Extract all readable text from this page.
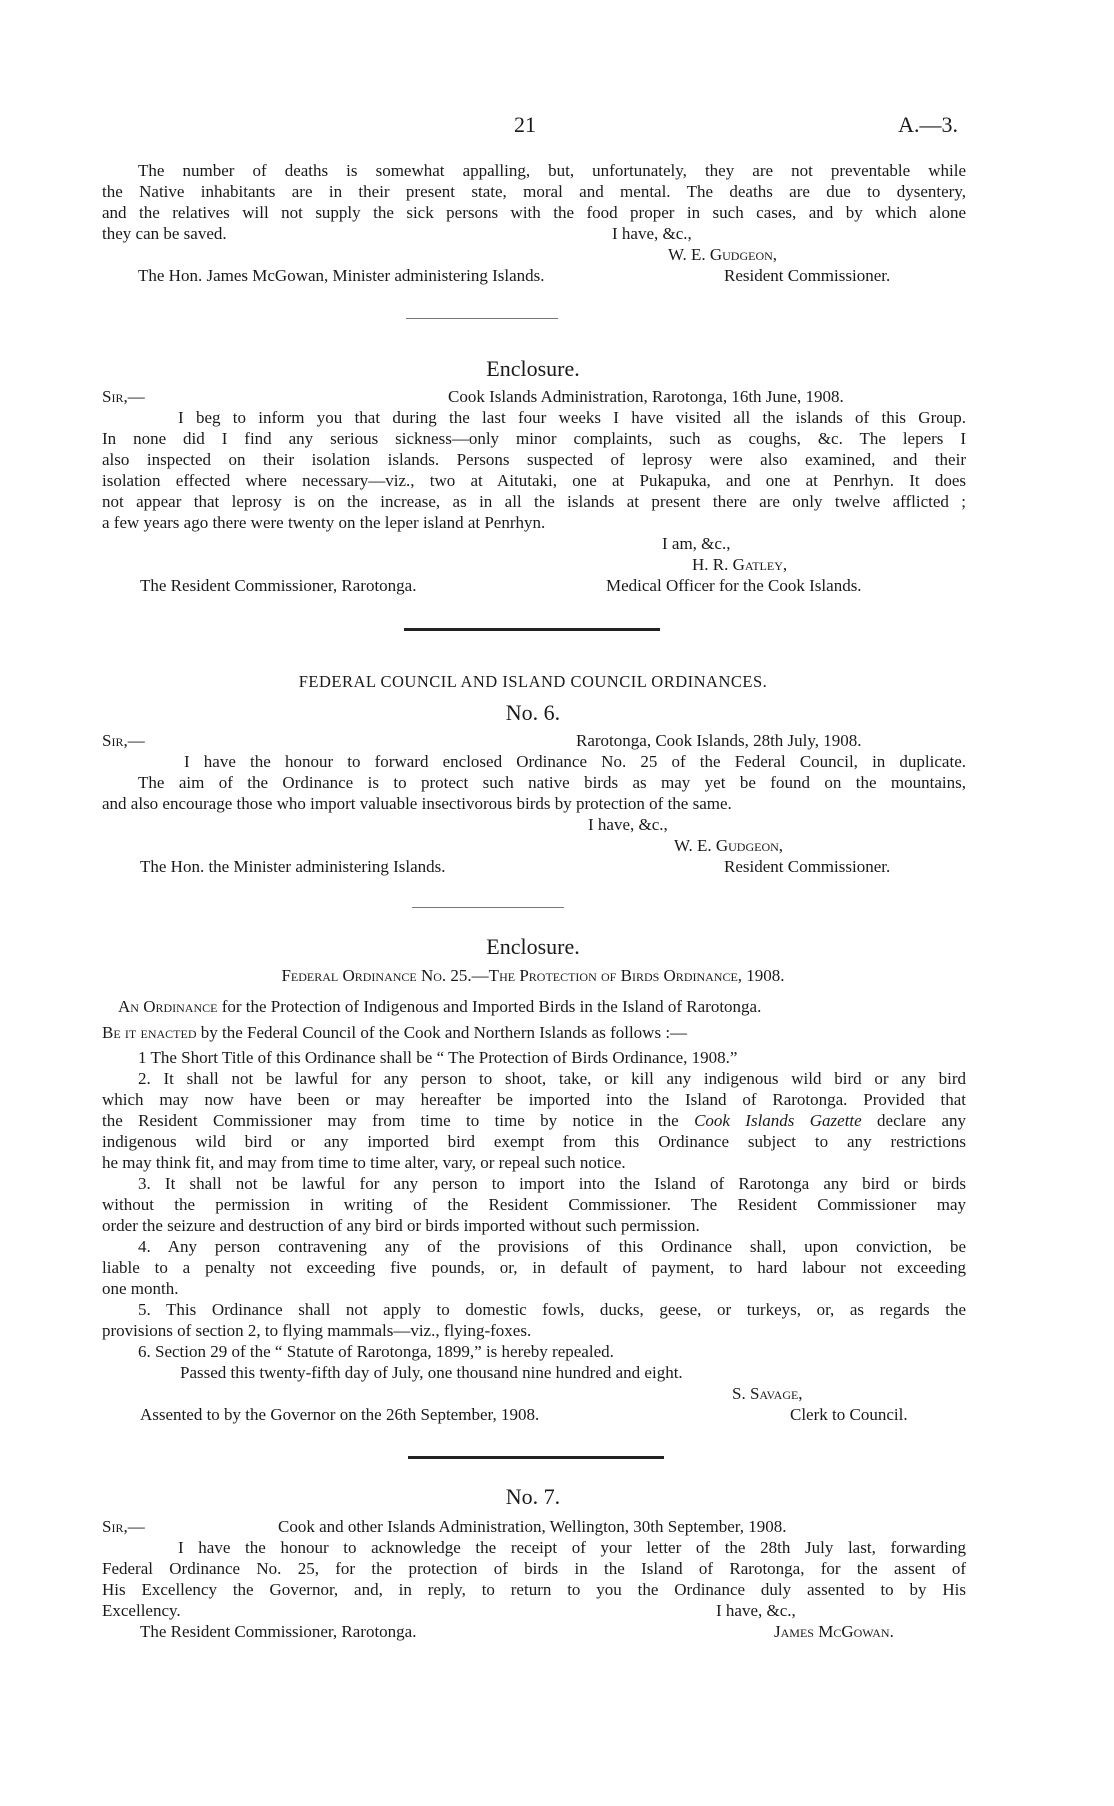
21	A.—3.
The number of deaths is somewhat appalling, but, unfortunately, they are not preventable while
the Native inhabitants are in their present state, moral and mental. The deaths are due to dysentery,
and the relatives will not supply the sick persons with the food proper in such cases, and by which alone
they can be saved.	I have, &c.,
W. E. Gudgeon,
The Hon. James McGowan, Minister administering Islands.	Resident Commissioner.
Enclosure.
Sir,—	Cook Islands Administration, Rarotonga, 16th June, 1908.
I beg to inform you that during the last four weeks I have visited all the islands of this Group.
In none did I find any serious sickness—only minor complaints, such as coughs, &c. The lepers I
also inspected on their isolation islands. Persons suspected of leprosy were also examined, and their
isolation effected where necessary—viz., two at Aitutaki, one at Pukapuka, and one at Penrhyn. It does
not appear that leprosy is on the increase, as in all the islands at present there are only twelve afflicted ;
a few years ago there were twenty on the leper island at Penrhyn.
I am, &c.,
H. R. Gatley,
The Resident Commissioner, Rarotonga.	Medical Officer for the Cook Islands.
FEDERAL COUNCIL AND ISLAND COUNCIL ORDINANCES.
No. 6.
Sir,—	Rarotonga, Cook Islands, 28th July, 1908.
I have the honour to forward enclosed Ordinance No. 25 of the Federal Council, in duplicate.
The aim of the Ordinance is to protect such native birds as may yet be found on the mountains,
and also encourage those who import valuable insectivorous birds by protection of the same.
I have, &c.,
W. E. Gudgeon,
The Hon. the Minister administering Islands.	Resident Commissioner.
Enclosure.
Federal Ordinance No. 25.—The Protection of Birds Ordinance, 1908.
An Ordinance for the Protection of Indigenous and Imported Birds in the Island of Rarotonga.
Be it enacted by the Federal Council of the Cook and Northern Islands as follows :—
1 The Short Title of this Ordinance shall be “ The Protection of Birds Ordinance, 1908.”
2. It shall not be lawful for any person to shoot, take, or kill any indigenous wild bird or any bird
which may now have been or may hereafter be imported into the Island of Rarotonga. Provided that
the Resident Commissioner may from time to time by notice in the Cook Islands Gazette declare any
indigenous wild bird or any imported bird exempt from this Ordinance subject to any restrictions
he may think fit, and may from time to time alter, vary, or repeal such notice.
3. It shall not be lawful for any person to import into the Island of Rarotonga any bird or birds
without the permission in writing of the Resident Commissioner. The Resident Commissioner may
order the seizure and destruction of any bird or birds imported without such permission.
4. Any person contravening any of the provisions of this Ordinance shall, upon conviction, be
liable to a penalty not exceeding five pounds, or, in default of payment, to hard labour not exceeding
one month.
5. This Ordinance shall not apply to domestic fowls, ducks, geese, or turkeys, or, as regards the
provisions of section 2, to flying mammals—viz., flying-foxes.
6. Section 29 of the “ Statute of Rarotonga, 1899,” is hereby repealed.
Passed this twenty-fifth day of July, one thousand nine hundred and eight.
S. Savage,
Assented to by the Governor on the 26th September, 1908.	Clerk to Council.
No. 7.
Sir,—	Cook and other Islands Administration, Wellington, 30th September, 1908.
I have the honour to acknowledge the receipt of your letter of the 28th July last, forwarding
Federal Ordinance No. 25, for the protection of birds in the Island of Rarotonga, for the assent of
His Excellency the Governor, and, in reply, to return to you the Ordinance duly assented to by His
Excellency.	I have, &c.,
The Resident Commissioner, Rarotonga.	James McGowan.
